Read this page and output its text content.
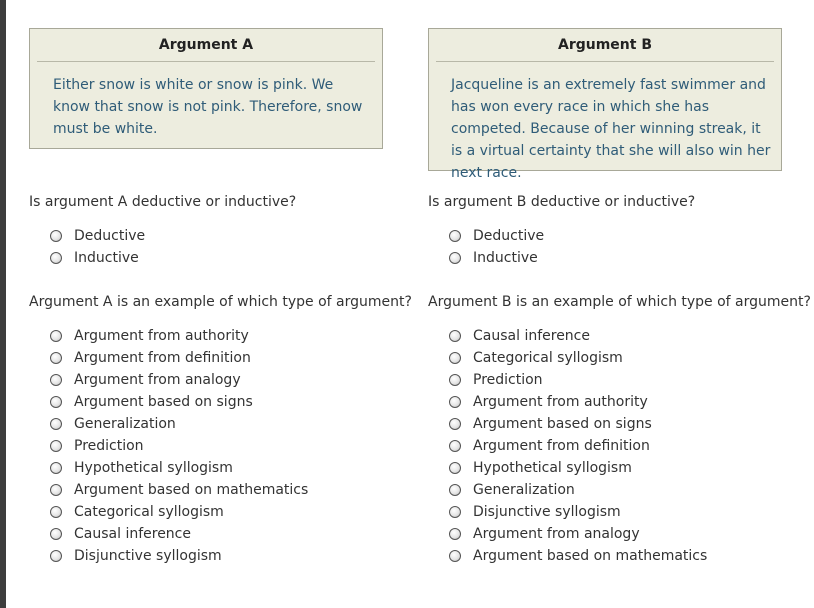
Argument A
Either snow is white or snow is pink. We know that snow is not pink. Therefore, snow must be white.
Is argument A deductive or inductive?
Deductive
Inductive
Argument A is an example of which type of argument?
Argument from authority
Argument from definition
Argument from analogy
Argument based on signs
Generalization
Prediction
Hypothetical syllogism
Argument based on mathematics
Categorical syllogism
Causal inference
Disjunctive syllogism
Argument B
Jacqueline is an extremely fast swimmer and has won every race in which she has competed. Because of her winning streak, it is a virtual certainty that she will also win her next race.
Is argument B deductive or inductive?
Deductive
Inductive
Argument B is an example of which type of argument?
Causal inference
Categorical syllogism
Prediction
Argument from authority
Argument based on signs
Argument from definition
Hypothetical syllogism
Generalization
Disjunctive syllogism
Argument from analogy
Argument based on mathematics
